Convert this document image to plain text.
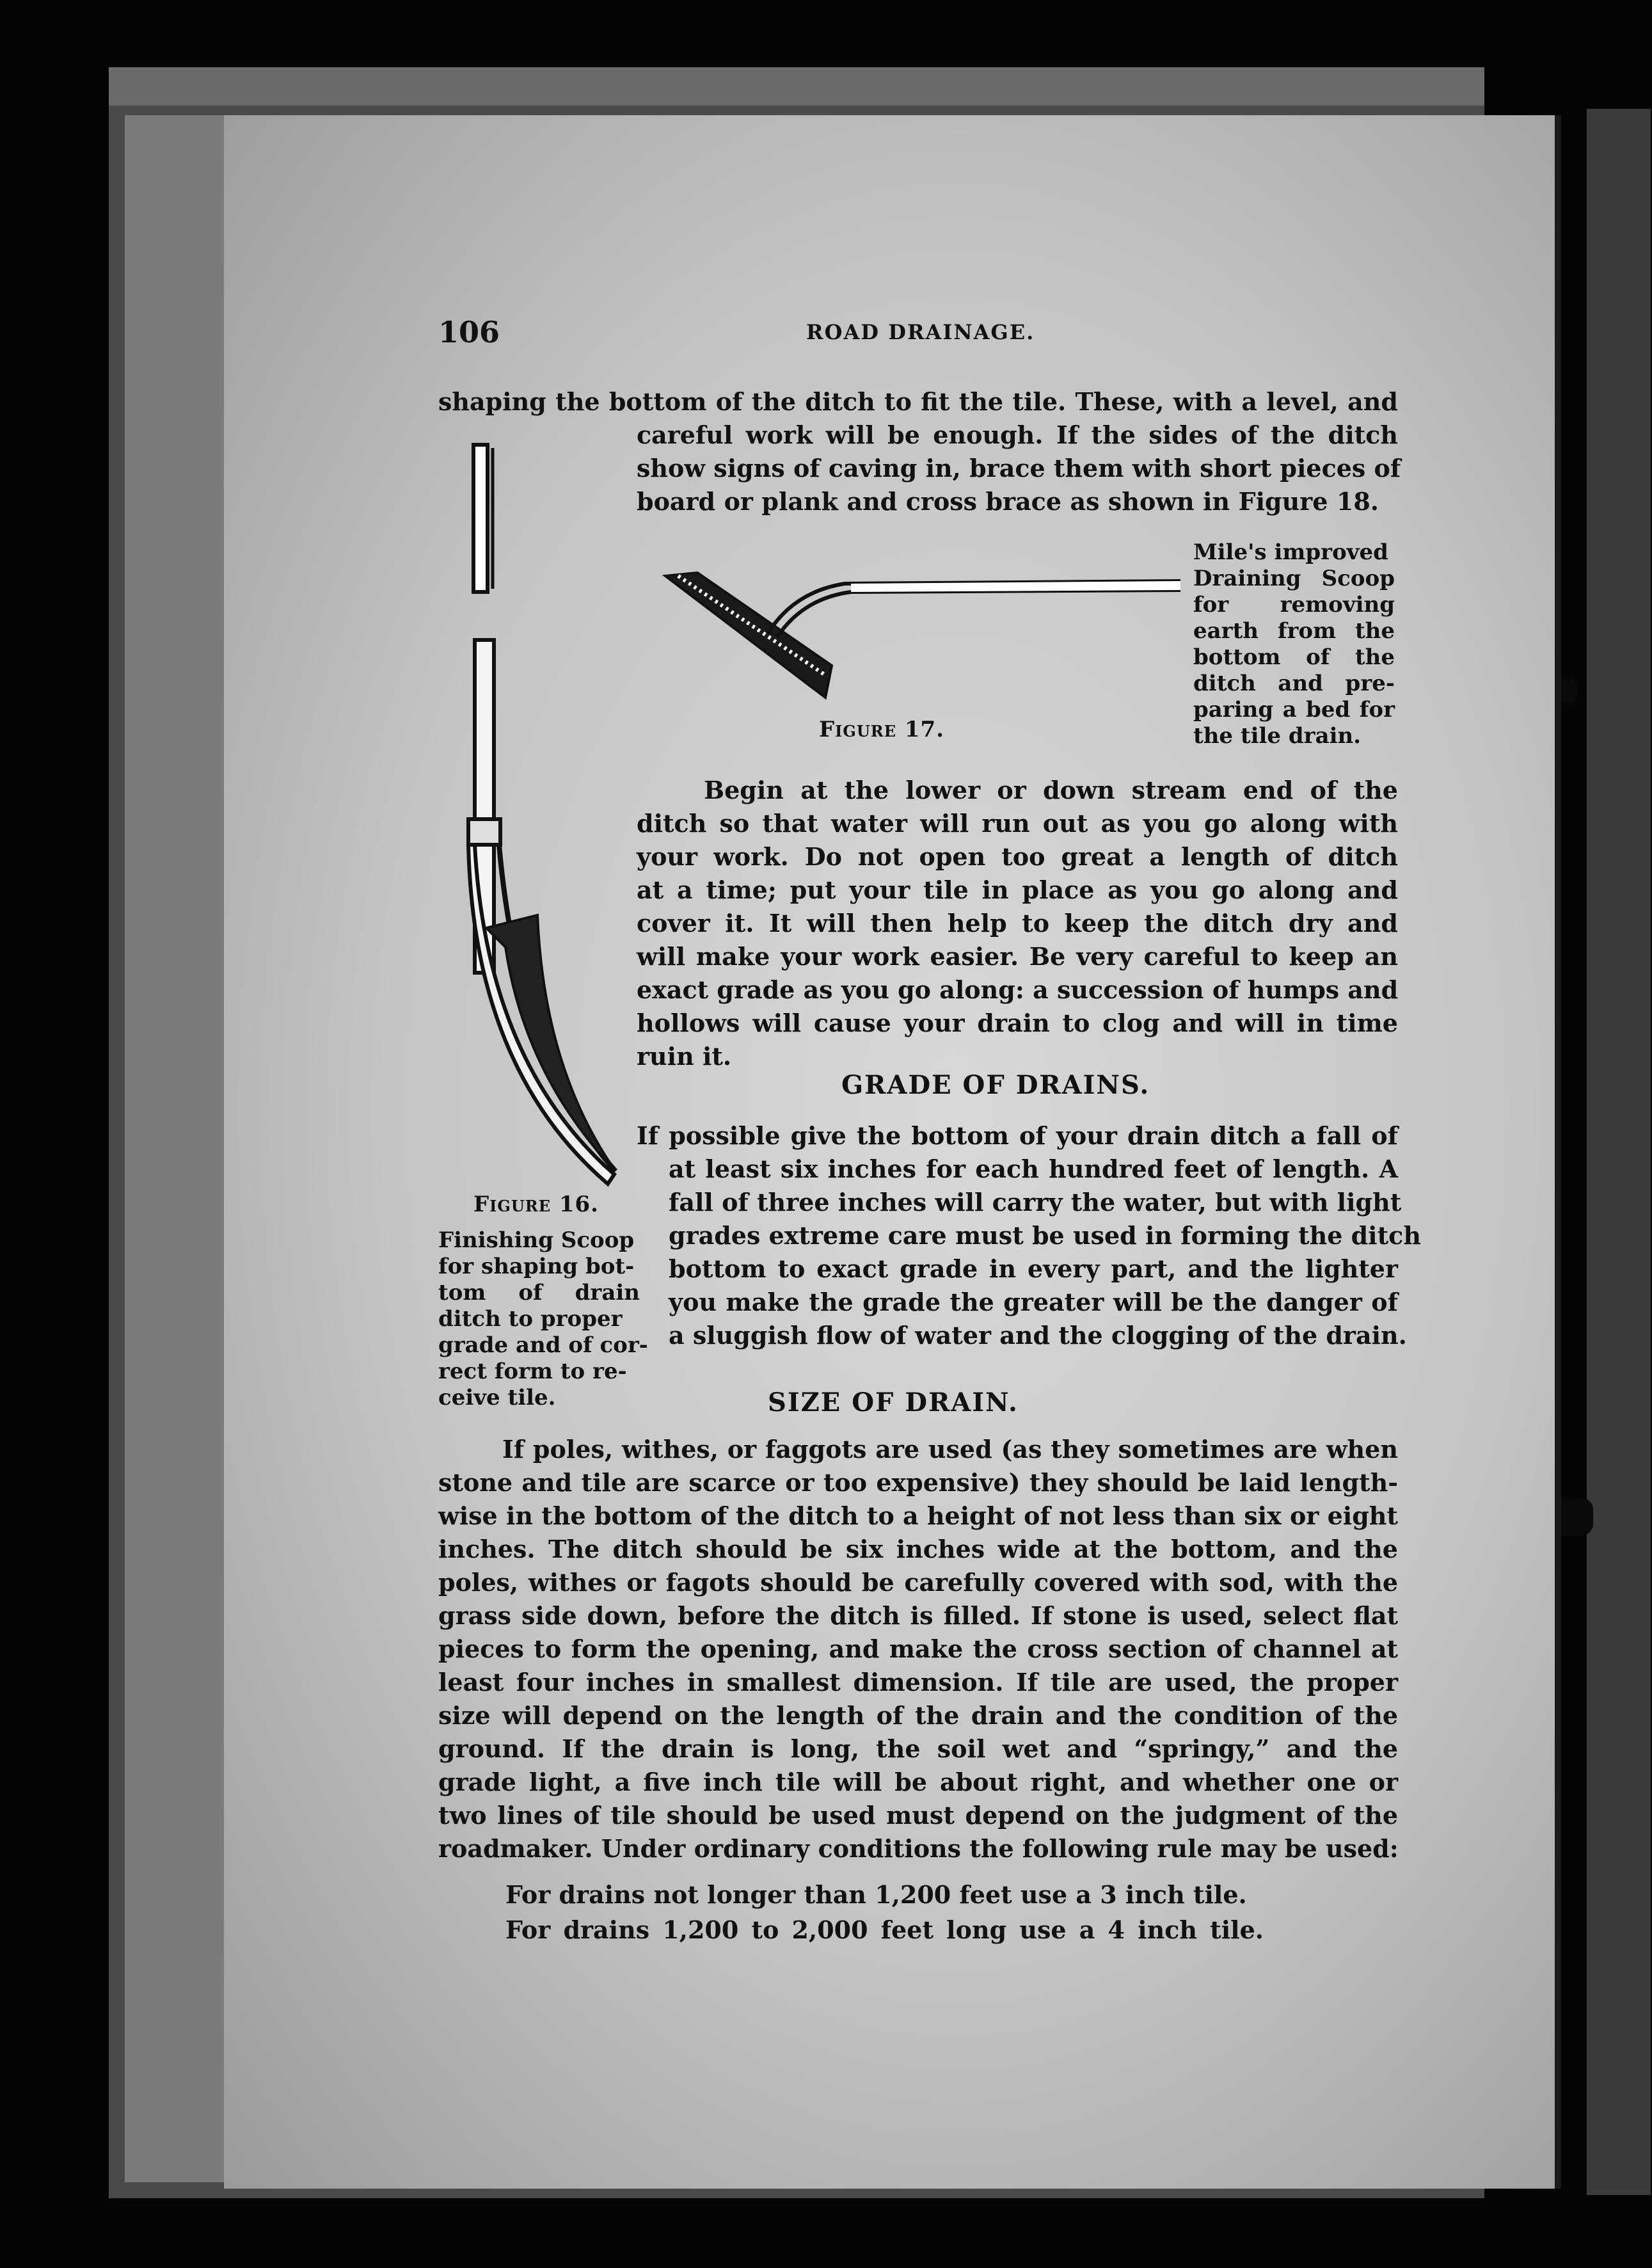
106	ROAD DRAINAGE.
shaping the bottom of the ditch to fit the tile. These, with a level, and
careful work will be enough. If the sides of the ditch
show signs of caving in, brace them with short pieces of
board or plank and cross brace as shown in Figure 18.
Figure 17.
Mile's improved
Draining Scoop
for removing
earth from the
bottom of the
ditch and pre-
paring a bed for
the tile drain.
Begin at the lower or down stream end of the
ditch so that water will run out as you go along with
your work. Do not open too great a length of ditch
at a time; put your tile in place as you go along and
cover it. It will then help to keep the ditch dry and
will make your work easier. Be very careful to keep an
exact grade as you go along: a succession of humps and
hollows will cause your drain to clog and will in time
ruin it.
GRADE OF DRAINS.
If possible give the bottom of your drain ditch a fall of
at least six inches for each hundred feet of length. A
fall of three inches will carry the water, but with light
grades extreme care must be used in forming the ditch
bottom to exact grade in every part, and the lighter
you make the grade the greater will be the danger of
a sluggish flow of water and the clogging of the drain.
Figure 16.
Finishing Scoop
for shaping bot-
tom of drain
ditch to proper
grade and of cor-
rect form to re-
ceive tile.	SIZE OF DRAIN.
If poles, withes, or faggots are used (as they sometimes are when
stone and tile are scarce or too expensive) they should be laid length-
wise in the bottom of the ditch to a height of not less than six or eight
inches. The ditch should be six inches wide at the bottom, and the
poles, withes or fagots should be carefully covered with sod, with the
grass side down, before the ditch is filled. If stone is used, select flat
pieces to form the opening, and make the cross section of channel at
least four inches in smallest dimension. If tile are used, the proper
size will depend on the length of the drain and the condition of the
ground. If the drain is long, the soil wet and “springy,” and the
grade light, a five inch tile will be about right, and whether one or
two lines of tile should be used must depend on the judgment of the
roadmaker. Under ordinary conditions the following rule may be used:
For drains not longer than 1,200 feet use a 3 inch tile.
For drains 1,200 to 2,000 feet long use a 4 inch tile.
